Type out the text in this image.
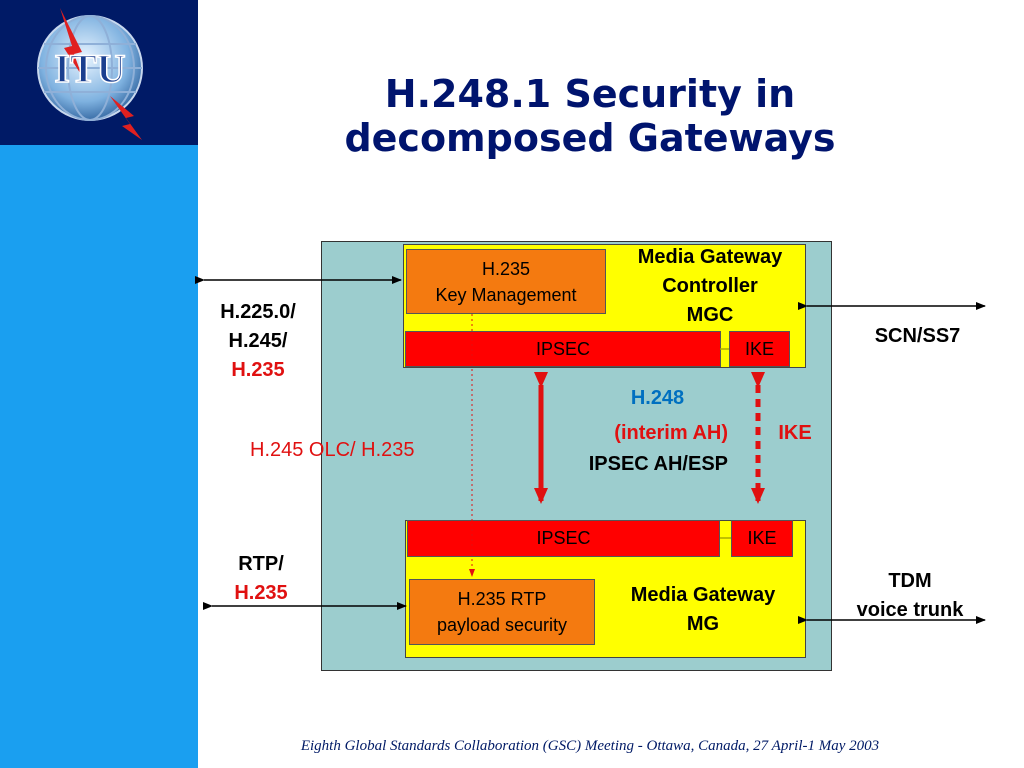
ITU
H.248.1 Security in
decomposed Gateways
H.235
Key Management
Media Gateway
Controller
MGC
IPSEC	IKE
IPSEC	IKE
H.235 RTP
payload security
Media Gateway
MG
H.248
(interim AH)
IPSEC AH/ESP
IKE
H.245 OLC/ H.235
H.225.0/
H.245/
H.235
RTP/
H.235
SCN/SS7
TDM
voice trunk
Eighth Global Standards Collaboration (GSC) Meeting - Ottawa, Canada, 27 April-1 May 2003
